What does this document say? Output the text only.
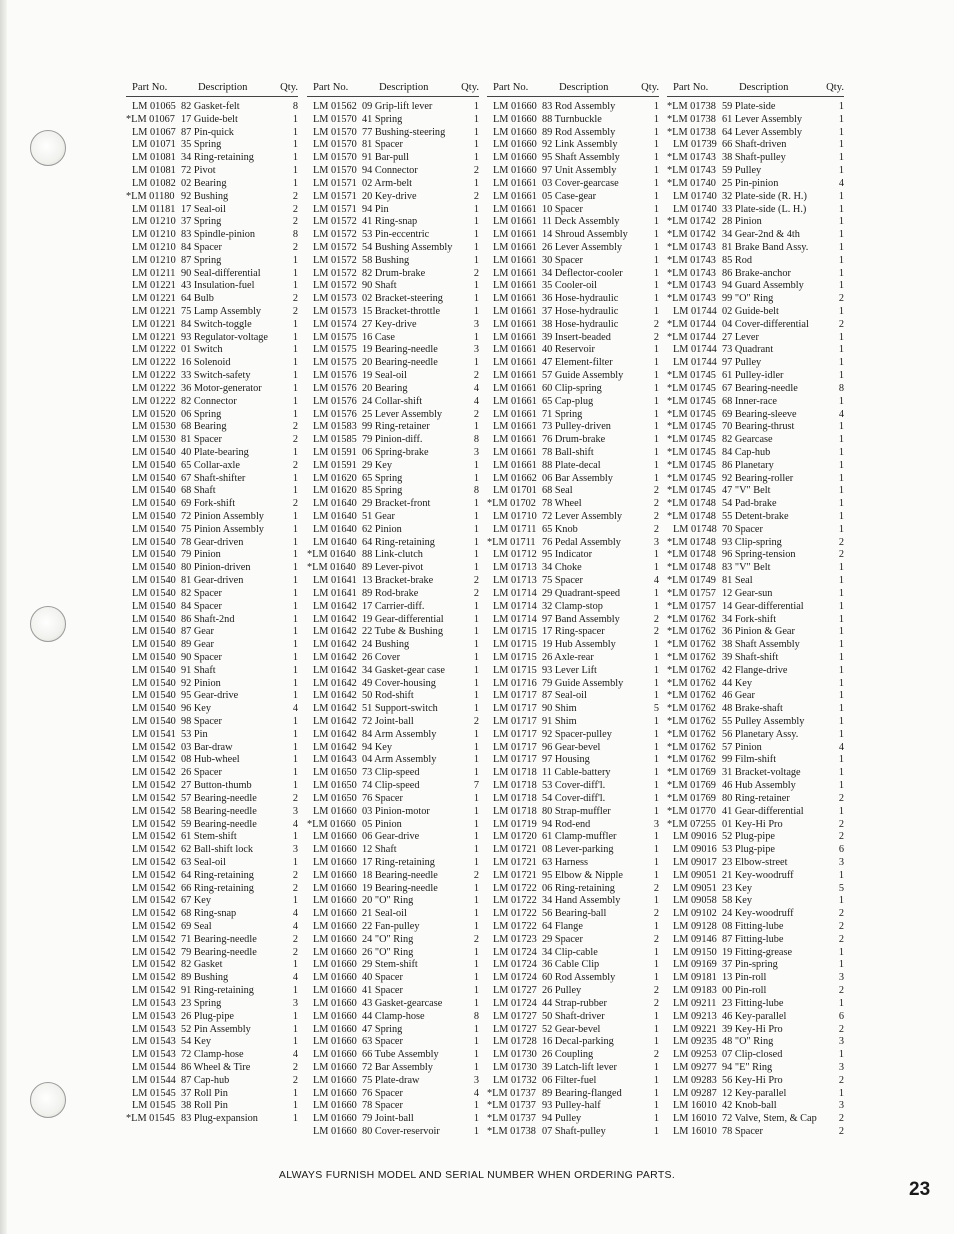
Part No.	Description	Qty.
LM 01065 82 Gasket-felt	8
*LM 01067 17 Guide-belt	1
LM 01067 87 Pin-quick	1
LM 01071 35 Spring	1
LM 01081 34 Ring-retaining	1
LM 01081 72 Pivot	1
LM 01082 02 Bearing	1
*LM 01180 92 Bushing	2
LM 01181 17 Seal-oil	2
LM 01210 37 Spring	2
LM 01210 83 Spindle-pinion	8
LM 01210 84 Spacer	2
LM 01210 87 Spring	1
LM 01211 90 Seal-differential	1
LM 01221 43 Insulation-fuel	1
LM 01221 64 Bulb	2
LM 01221 75 Lamp Assembly	2
LM 01221 84 Switch-toggle	1
LM 01221 93 Regulator-voltage 1
LM 01222 01 Switch	1
LM 01222 16 Solenoid	1
LM 01222 33 Switch-safety	1
LM 01222 36 Motor-generator	1
LM 01222 82 Connector	1
LM 01520 06 Spring	1
LM 01530 68 Bearing	2
LM 01530 81 Spacer	2
LM 01540 40 Plate-bearing	1
LM 01540 65 Collar-axle	2
LM 01540 67 Shaft-shifter	1
LM 01540 68 Shaft	1
LM 01540 69 Fork-shift	2
LM 01540 72 Pinion Assembly	1
LM 01540 75 Pinion Assembly	1
LM 01540 78 Gear-driven	1
LM 01540 79 Pinion	1
LM 01540 80 Pinion-driven	1
LM 01540 81 Gear-driven	1
LM 01540 82 Spacer	1
LM 01540 84 Spacer	1
LM 01540 86 Shaft-2nd	1
LM 01540 87 Gear	1
LM 01540 89 Gear	1
LM 01540 90 Spacer	1
LM 01540 91 Shaft	1
LM 01540 92 Pinion	1
LM 01540 95 Gear-drive	1
LM 01540 96 Key	4
LM 01540 98 Spacer	1
LM 01541 53 Pin	1
LM 01542 03 Bar-draw	1
LM 01542 08 Hub-wheel	1
LM 01542 26 Spacer	1
LM 01542 27 Button-thumb	1
LM 01542 57 Bearing-needle	2
LM 01542 58 Bearing-needle	3
LM 01542 59 Bearing-needle	4
LM 01542 61 Stem-shift	1
LM 01542 62 Ball-shift lock	3
LM 01542 63 Seal-oil	1
LM 01542 64 Ring-retaining	2
LM 01542 66 Ring-retaining	2
LM 01542 67 Key	1
LM 01542 68 Ring-snap	4
LM 01542 69 Seal	4
LM 01542 71 Bearing-needle	2
LM 01542 79 Bearing-needle	2
LM 01542 82 Gasket	1
LM 01542 89 Bushing	4
LM 01542 91 Ring-retaining	1
LM 01543 23 Spring	3
LM 01543 26 Plug-pipe	1
LM 01543 52 Pin Assembly	1
LM 01543 54 Key	1
LM 01543 72 Clamp-hose	4
LM 01544 86 Wheel & Tire	2
LM 01544 87 Cap-hub	2
LM 01545 37 Roll Pin	1
LM 01545 38 Roll Pin	1
*LM 01545 83 Plug-expansion	1
Part No.	Description	Qty.
LM 01562 09 Grip-lift lever	1
LM 01570 41 Spring	1
LM 01570 77 Bushing-steering	1
LM 01570 81 Spacer	1
LM 01570 91 Bar-pull	1
LM 01570 94 Connector	2
LM 01571 02 Arm-belt	1
LM 01571 20 Key-drive	2
LM 01571 94 Pin	1
LM 01572 41 Ring-snap	1
LM 01572 53 Pin-eccentric	1
LM 01572 54 Bushing Assembly 1
LM 01572 58 Bushing	1
LM 01572 82 Drum-brake	2
LM 01572 90 Shaft	1
LM 01573 02 Bracket-steering	1
LM 01573 15 Bracket-throttle	1
LM 01574 27 Key-drive	3
LM 01575 16 Case	1
LM 01575 19 Bearing-needle	3
LM 01575 20 Bearing-needle	1
LM 01576 19 Seal-oil	2
LM 01576 20 Bearing	4
LM 01576 24 Collar-shift	4
LM 01576 25 Lever Assembly	2
LM 01583 99 Ring-retainer	1
LM 01585 79 Pinion-diff.	8
LM 01591 06 Spring-brake	3
LM 01591 29 Key	1
LM 01620 65 Spring	1
LM 01620 85 Spring	8
LM 01640 29 Bracket-front	1
LM 01640 51 Gear	1
LM 01640 62 Pinion	1
LM 01640 64 Ring-retaining	1
*LM 01640 88 Link-clutch	1
*LM 01640 89 Lever-pivot	1
LM 01641 13 Bracket-brake	2
LM 01641 89 Rod-brake	2
LM 01642 17 Carrier-diff.	1
LM 01642 19 Gear-differential	1
LM 01642 22 Tube & Bushing	1
LM 01642 24 Bushing	1
LM 01642 26 Cover	1
LM 01642 34 Gasket-gear case	1
LM 01642 49 Cover-housing	1
LM 01642 50 Rod-shift	1
LM 01642 51 Support-switch	1
LM 01642 72 Joint-ball	2
LM 01642 84 Arm Assembly	1
LM 01642 94 Key	1
LM 01643 04 Arm Assembly	1
LM 01650 73 Clip-speed	1
LM 01650 74 Clip-speed	7
LM 01650 76 Spacer	1
LM 01660 03 Pinion-motor	1
*LM 01660 05 Pinion	1
LM 01660 06 Gear-drive	1
LM 01660 12 Shaft	1
LM 01660 17 Ring-retaining	1
LM 01660 18 Bearing-needle	2
LM 01660 19 Bearing-needle	1
LM 01660 20 "O" Ring	1
LM 01660 21 Seal-oil	1
LM 01660 22 Fan-pulley	1
LM 01660 24 "O" Ring	2
LM 01660 26 "O" Ring	1
LM 01660 29 Stem-shift	1
LM 01660 40 Spacer	1
LM 01660 41 Spacer	1
LM 01660 43 Gasket-gearcase	1
LM 01660 44 Clamp-hose	8
LM 01660 47 Spring	1
LM 01660 63 Spacer	1
LM 01660 66 Tube Assembly	1
LM 01660 72 Bar Assembly	1
LM 01660 75 Plate-draw	3
LM 01660 76 Spacer	4
LM 01660 78 Spacer	1
LM 01660 79 Joint-ball	1
LM 01660 80 Cover-reservoir	1
Part No.	Description	Qty.
LM 01660 83 Rod Assembly	1
LM 01660 88 Turnbuckle	1
LM 01660 89 Rod Assembly	1
LM 01660 92 Link Assembly	1
LM 01660 95 Shaft Assembly	1
LM 01660 97 Unit Assembly	1
LM 01661 03 Cover-gearcase	1
LM 01661 05 Case-gear	1
LM 01661 10 Spacer	1
LM 01661 11 Deck Assembly	1
LM 01661 14 Shroud Assembly	1
LM 01661 26 Lever Assembly	1
LM 01661 30 Spacer	1
LM 01661 34 Deflector-cooler	1
LM 01661 35 Cooler-oil	1
LM 01661 36 Hose-hydraulic	1
LM 01661 37 Hose-hydraulic	1
LM 01661 38 Hose-hydraulic	2
LM 01661 39 Insert-beaded	2
LM 01661 40 Reservoir	1
LM 01661 47 Element-filter	1
LM 01661 57 Guide Assembly	1
LM 01661 60 Clip-spring	1
LM 01661 65 Cap-plug	1
LM 01661 71 Spring	1
LM 01661 73 Pulley-driven	1
LM 01661 76 Drum-brake	1
LM 01661 78 Ball-shift	1
LM 01661 88 Plate-decal	1
LM 01662 06 Bar Assembly	1
LM 01701 68 Seal	2
*LM 01702 78 Wheel	2
LM 01710 72 Lever Assembly	2
LM 01711 65 Knob	2
*LM 01711 76 Pedal Assembly	3
LM 01712 95 Indicator	1
LM 01713 34 Choke	1
LM 01713 75 Spacer	4
LM 01714 29 Quadrant-speed	1
LM 01714 32 Clamp-stop	1
LM 01714 97 Band Assembly	2
LM 01715 17 Ring-spacer	2
LM 01715 19 Hub Assembly	1
LM 01715 26 Axle-rear	1
LM 01715 93 Lever Lift	1
LM 01716 79 Guide Assembly	1
LM 01717 87 Seal-oil	1
LM 01717 90 Shim	5
LM 01717 91 Shim	1
LM 01717 92 Spacer-pulley	1
LM 01717 96 Gear-bevel	1
LM 01717 97 Housing	1
LM 01718 11 Cable-battery	1
LM 01718 53 Cover-diff'l.	1
LM 01718 54 Cover-diff'l.	1
LM 01718 80 Strap-muffler	1
LM 01719 94 Rod-end	3
LM 01720 61 Clamp-muffler	1
LM 01721 08 Lever-parking	1
LM 01721 63 Harness	1
LM 01721 95 Elbow & Nipple	1
LM 01722 06 Ring-retaining	2
LM 01722 34 Hand Assembly	1
LM 01722 56 Bearing-ball	2
LM 01722 64 Flange	1
LM 01723 29 Spacer	2
LM 01724 34 Clip-cable	1
LM 01724 36 Cable Clip	1
LM 01724 60 Rod Assembly	1
LM 01727 26 Pulley	2
LM 01724 44 Strap-rubber	2
LM 01727 50 Shaft-driver	1
LM 01727 52 Gear-bevel	1
LM 01728 16 Decal-parking	1
LM 01730 26 Coupling	2
LM 01730 39 Latch-lift lever	1
LM 01732 06 Filter-fuel	1
*LM 01737 89 Bearing-flanged	1
*LM 01737 93 Pulley-half	1
*LM 01737 94 Pulley	1
*LM 01738 07 Shaft-pulley	1
Part No.	Description	Qty.
*LM 01738 59 Plate-side	1
*LM 01738 61 Lever Assembly	1
*LM 01738 64 Lever Assembly	1
LM 01739 66 Shaft-driven	1
*LM 01743 38 Shaft-pulley	1
*LM 01743 59 Pulley	1
*LM 01740 25 Pin-pinion	4
LM 01740 32 Plate-side (R. H.)	1
LM 01740 33 Plate-side (L. H.)	1
*LM 01742 28 Pinion	1
*LM 01742 34 Gear-2nd & 4th	1
*LM 01743 81 Brake Band Assy.	1
*LM 01743 85 Rod	1
*LM 01743 86 Brake-anchor	1
*LM 01743 94 Guard Assembly	1
*LM 01743 99 "O" Ring	2
LM 01744 02 Guide-belt	1
*LM 01744 04 Cover-differential	2
*LM 01744 27 Lever	1
LM 01744 73 Quadrant	1
LM 01744 97 Pulley	1
*LM 01745 61 Pulley-idler	1
*LM 01745 67 Bearing-needle	8
*LM 01745 68 Inner-race	1
*LM 01745 69 Bearing-sleeve	4
*LM 01745 70 Bearing-thrust	1
*LM 01745 82 Gearcase	1
*LM 01745 84 Cap-hub	1
*LM 01745 86 Planetary	1
*LM 01745 92 Bearing-roller	1
*LM 01745 47 "V" Belt	1
*LM 01748 54 Pad-brake	1
*LM 01748 55 Detent-brake	1
LM 01748 70 Spacer	1
*LM 01748 93 Clip-spring	2
*LM 01748 96 Spring-tension	2
*LM 01748 83 "V" Belt	1
*LM 01749 81 Seal	1
*LM 01757 12 Gear-sun	1
*LM 01757 14 Gear-differential	1
*LM 01762 34 Fork-shift	1
*LM 01762 36 Pinion & Gear	1
*LM 01762 38 Shaft Assembly	1
*LM 01762 39 Shaft-shift	1
*LM 01762 42 Flange-drive	1
*LM 01762 44 Key	1
*LM 01762 46 Gear	1
*LM 01762 48 Brake-shaft	1
*LM 01762 55 Pulley Assembly	1
*LM 01762 56 Planetary Assy.	1
*LM 01762 57 Pinion	4
*LM 01762 99 Film-shift	1
*LM 01769 31 Bracket-voltage	1
*LM 01769 46 Hub Assembly	1
*LM 01769 80 Ring-retainer	2
*LM 01770 41 Gear-differential	1
*LM 07255 01 Key-Hi Pro	2
LM 09016 52 Plug-pipe	2
LM 09016 53 Plug-pipe	6
LM 09017 23 Elbow-street	3
LM 09051 21 Key-woodruff	1
LM 09051 23 Key	5
LM 09058 58 Key	1
LM 09102 24 Key-woodruff	2
LM 09128 08 Fitting-lube	2
LM 09146 87 Fitting-lube	2
LM 09150 19 Fitting-grease	1
LM 09169 37 Pin-spring	1
LM 09181 13 Pin-roll	3
LM 09183 00 Pin-roll	2
LM 09211 23 Fitting-lube	1
LM 09213 46 Key-parallel	6
LM 09221 39 Key-Hi Pro	2
LM 09235 48 "O" Ring	3
LM 09253 07 Clip-closed	1
LM 09277 94 "E" Ring	3
LM 09283 56 Key-Hi Pro	2
LM 09287 12 Key-parallel	1
LM 16010 42 Knob-ball	3
LM 16010 72 Valve, Stem, & Cap 2
LM 16010 78 Spacer	2
ALWAYS FURNISH MODEL AND SERIAL NUMBER WHEN ORDERING PARTS.
23
